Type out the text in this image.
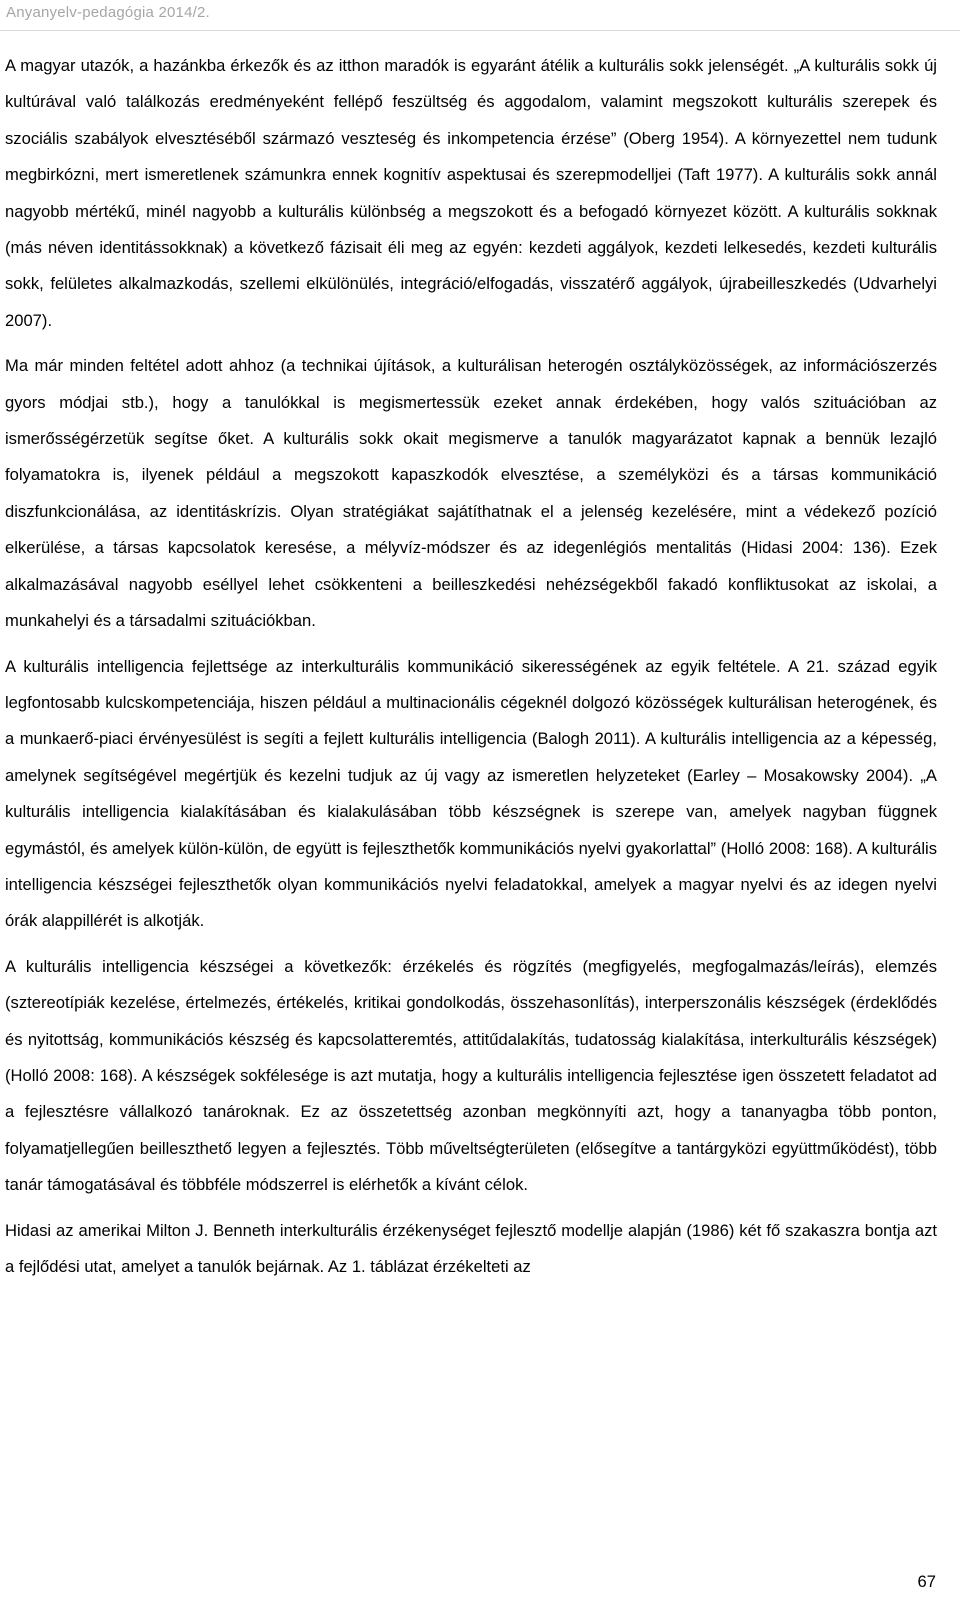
Anyanyelv-pedagógia 2014/2.

A magyar utazók, a hazánkba érkezők és az itthon maradók is egyaránt átélik a kulturális sokk jelenségét. „A kulturális sokk új kultúrával való találkozás eredményeként fellépő feszültség és aggodalom, valamint megszokott kulturális szerepek és szociális szabályok elvesztéséből származó veszteség és inkompetencia érzése” (Oberg 1954). A környezettel nem tudunk megbirkózni, mert ismeretlenek számunkra ennek kognitív aspektusai és szerepmodelljei (Taft 1977). A kulturális sokk annál nagyobb mértékű, minél nagyobb a kulturális különbség a megszokott és a befogadó környezet között. A kulturális sokknak (más néven identitássokknak) a következő fázisait éli meg az egyén: kezdeti aggályok, kezdeti lelkesedés, kezdeti kulturális sokk, felületes alkalmazkodás, szellemi elkülönülés, integráció/elfogadás, visszatérő aggályok, újrabeilleszkedés (Udvarhelyi 2007).

Ma már minden feltétel adott ahhoz (a technikai újítások, a kulturálisan heterogén osztályközösségek, az információszerzés gyors módjai stb.), hogy a tanulókkal is megismertessük ezeket annak érdekében, hogy valós szituációban az ismerősségérzetük segítse őket. A kulturális sokk okait megismerve a tanulók magyarázatot kapnak a bennük lezajló folyamatokra is, ilyenek például a megszokott kapaszkodók elvesztése, a személyközi és a társas kommunikáció diszfunkcionálása, az identitáskrízis. Olyan stratégiákat sajátíthatnak el a jelenség kezelésére, mint a védekező pozíció elkerülése, a társas kapcsolatok keresése, a mélyvíz-módszer és az idegenlégiós mentalitás (Hidasi 2004: 136). Ezek alkalmazásával nagyobb eséllyel lehet csökkenteni a beilleszkedési nehézségekből fakadó konfliktusokat az iskolai, a munkahelyi és a társadalmi szituációkban.

A kulturális intelligencia fejlettsége az interkulturális kommunikáció sikerességének az egyik feltétele. A 21. század egyik legfontosabb kulcskompetenciája, hiszen például a multinacionális cégeknél dolgozó közösségek kulturálisan heterogének, és a munkaerő-piaci érvényesülést is segíti a fejlett kulturális intelligencia (Balogh 2011). A kulturális intelligencia az a képesség, amelynek segítségével megértjük és kezelni tudjuk az új vagy az ismeretlen helyzeteket (Earley – Mosakowsky 2004). „A kulturális intelligencia kialakításában és kialakulásában több készségnek is szerepe van, amelyek nagyban függnek egymástól, és amelyek külön-külön, de együtt is fejleszthetők kommunikációs nyelvi gyakorlattal” (Holló 2008: 168). A kulturális intelligencia készségei fejleszthetők olyan kommunikációs nyelvi feladatokkal, amelyek a magyar nyelvi és az idegen nyelvi órák alappillérét is alkotják.

A kulturális intelligencia készségei a következők: érzékelés és rögzítés (megfigyelés, megfogalmazás/leírás), elemzés (sztereotípiák kezelése, értelmezés, értékelés, kritikai gondolkodás, összehasonlítás), interperszonális készségek (érdeklődés és nyitottság, kommunikációs készség és kapcsolatteremtés, attitűdalakítás, tudatosság kialakítása, interkulturális készségek) (Holló 2008: 168). A készségek sokfélesége is azt mutatja, hogy a kulturális intelligencia fejlesztése igen összetett feladatot ad a fejlesztésre vállalkozó tanároknak. Ez az összetettség azonban megkönnyíti azt, hogy a tananyagba több ponton, folyamatjellegűen beilleszthető legyen a fejlesztés. Több műveltségterületen (elősegítve a tantárgyközi együttműködést), több tanár támogatásával és többféle módszerrel is elérhetők a kívánt célok.

Hidasi az amerikai Milton J. Benneth interkulturális érzékenységet fejlesztő modellje alapján (1986) két fő szakaszra bontja azt a fejlődési utat, amelyet a tanulók bejárnak. Az 1. táblázat érzékelteti az

67
